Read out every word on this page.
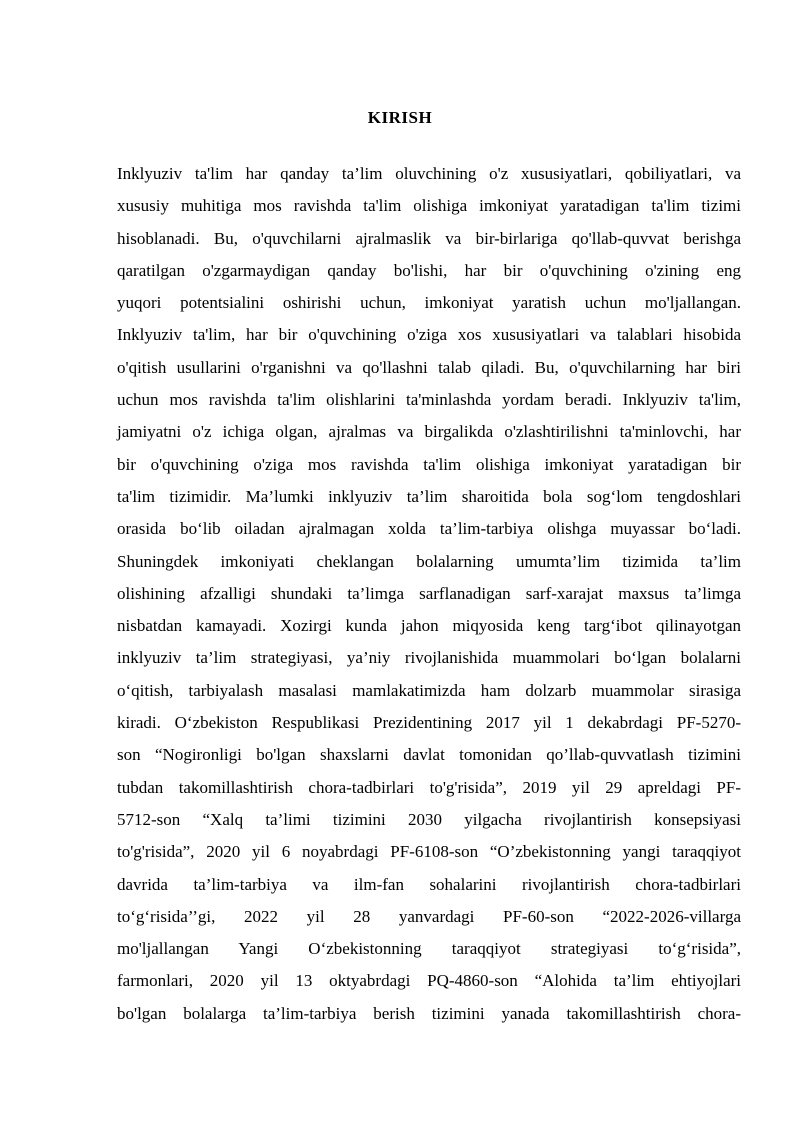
KIRISH
Inklyuziv ta'lim har qanday ta’lim oluvchining o'z xususiyatlari, qobiliyatlari, va
xususiy muhitiga mos ravishda ta'lim olishiga imkoniyat yaratadigan ta'lim tizimi
hisoblanadi. Bu, o'quvchilarni ajralmaslik va bir-birlariga qo'llab-quvvat berishga
qaratilgan o'zgarmaydigan qanday bo'lishi, har bir o'quvchining o'zining eng
yuqori potentsialini oshirishi uchun, imkoniyat yaratish uchun mo'ljallangan.
Inklyuziv ta'lim, har bir o'quvchining o'ziga xos xususiyatlari va talablari hisobida
o'qitish usullarini o'rganishni va qo'llashni talab qiladi. Bu, o'quvchilarning har biri
uchun mos ravishda ta'lim olishlarini ta'minlashda yordam beradi. Inklyuziv ta'lim,
jamiyatni o'z ichiga olgan, ajralmas va birgalikda o'zlashtirilishni ta'minlovchi, har
bir o'quvchining o'ziga mos ravishda ta'lim olishiga imkoniyat yaratadigan bir
ta'lim tizimidir. Ma’lumki inklyuziv ta’lim sharoitida bola sog‘lom tengdoshlari
orasida bo‘lib oiladan ajralmagan xolda ta’lim-tarbiya olishga muyassar bo‘ladi.
Shuningdek imkoniyati cheklangan bolalarning umumta’lim tizimida ta’lim
olishining afzalligi shundaki ta’limga sarflanadigan sarf-xarajat maxsus ta’limga
nisbatdan kamayadi. Xozirgi kunda jahon miqyosida keng targ‘ibot qilinayotgan
inklyuziv ta’lim strategiyasi, ya’niy rivojlanishida muammolari bo‘lgan bolalarni
o‘qitish, tarbiyalash masalasi mamlakatimizda ham dolzarb muammolar sirasiga
kiradi. O‘zbekiston Respublikasi Prezidentining 2017 yil 1 dekabrdagi PF-5270-
son “Nogironligi bo'lgan shaxslarni davlat tomonidan qo’llab-quvvatlash tizimini
tubdan takomillashtirish chora-tadbirlari to'g'risida”, 2019 yil 29 apreldagi PF-
5712-son “Xalq ta’limi tizimini 2030 yilgacha rivojlantirish konsepsiyasi
to'g'risida”, 2020 yil 6 noyabrdagi PF-6108-son “O’zbekistonning yangi taraqqiyot
davrida ta’lim-tarbiya va ilm-fan sohalarini rivojlantirish chora-tadbirlari
to‘g‘risida’’gi, 2022 yil 28 yanvardagi PF-60-son “2022-2026-villarga
mo'ljallangan Yangi O‘zbekistonning taraqqiyot strategiyasi to‘g‘risida”,
farmonlari, 2020 yil 13 oktyabrdagi PQ-4860-son “Alohida ta’lim ehtiyojlari
bo'lgan bolalarga ta’lim-tarbiya berish tizimini yanada takomillashtirish chora-
